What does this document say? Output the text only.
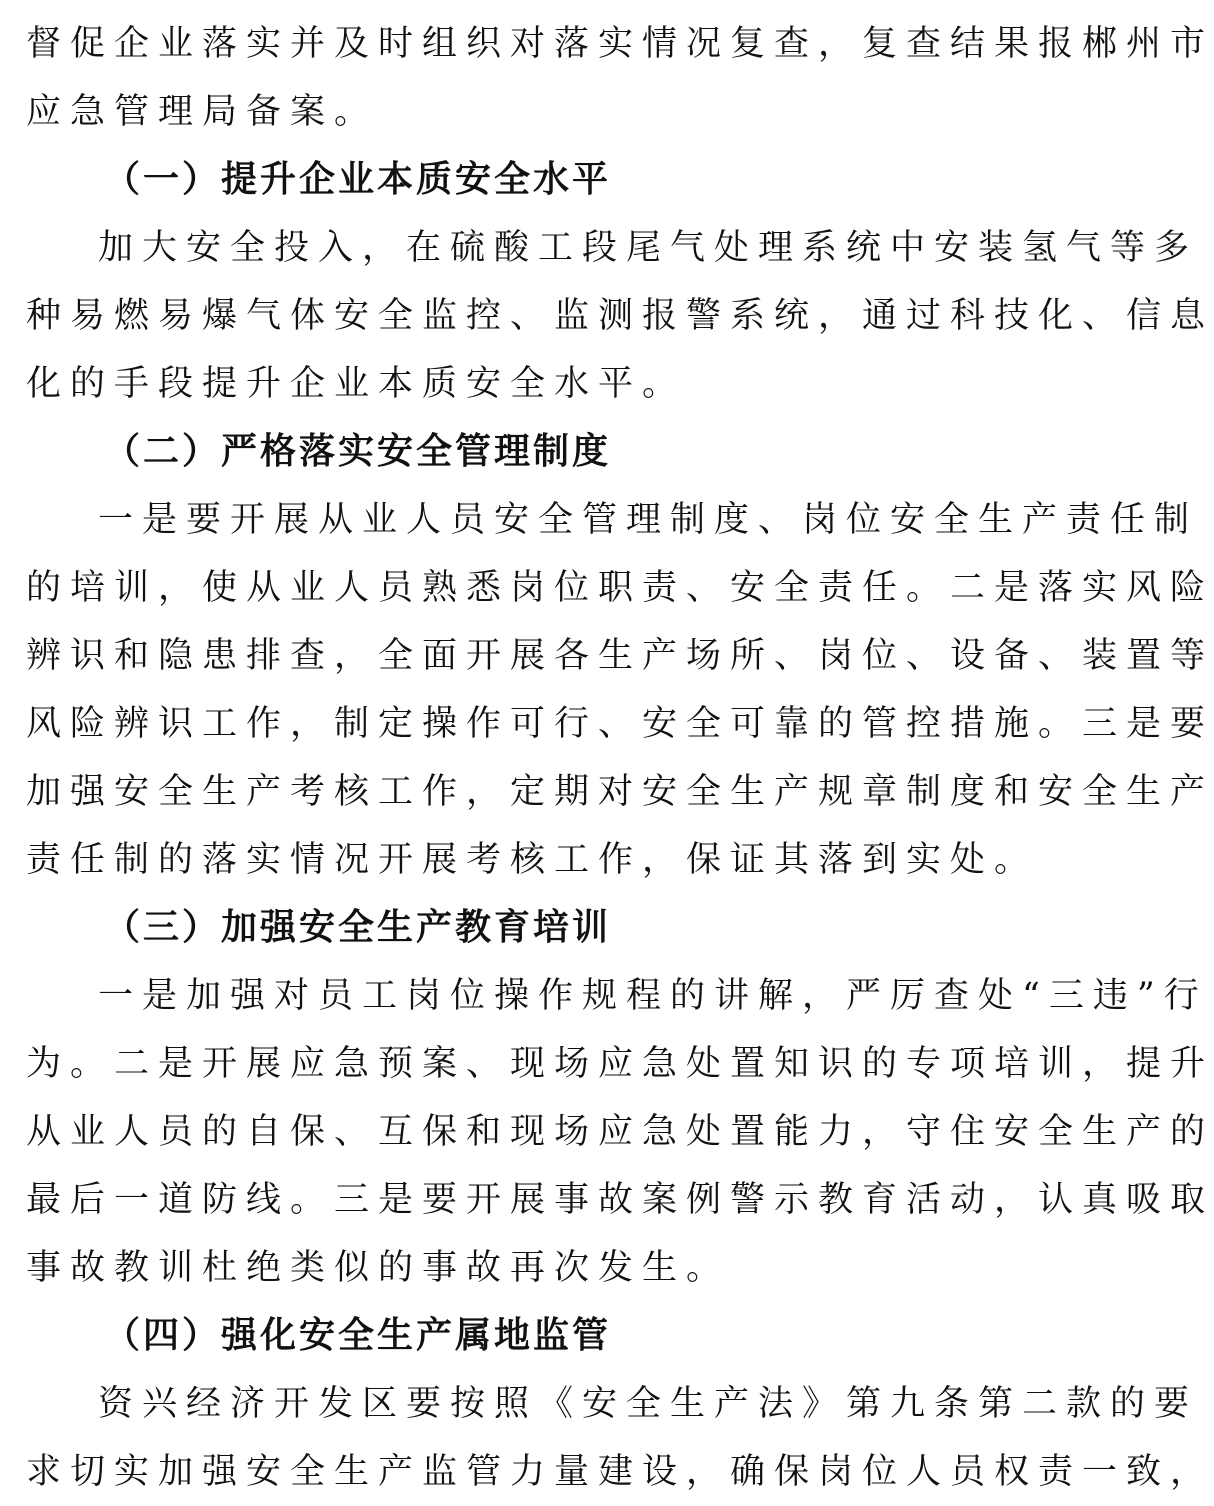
督促企业落实并及时组织对落实情况复查，复查结果报郴州市
应急管理局备案。
（一）提升企业本质安全水平
加大安全投入，在硫酸工段尾气处理系统中安装氢气等多
种易燃易爆气体安全监控、监测报警系统，通过科技化、信息
化的手段提升企业本质安全水平。
（二）严格落实安全管理制度
一是要开展从业人员安全管理制度、岗位安全生产责任制
的培训，使从业人员熟悉岗位职责、安全责任。二是落实风险
辨识和隐患排查，全面开展各生产场所、岗位、设备、装置等
风险辨识工作，制定操作可行、安全可靠的管控措施。三是要
加强安全生产考核工作，定期对安全生产规章制度和安全生产
责任制的落实情况开展考核工作，保证其落到实处。
（三）加强安全生产教育培训
一是加强对员工岗位操作规程的讲解，严厉查处“三违”行
为。二是开展应急预案、现场应急处置知识的专项培训，提升
从业人员的自保、互保和现场应急处置能力，守住安全生产的
最后一道防线。三是要开展事故案例警示教育活动，认真吸取
事故教训杜绝类似的事故再次发生。
（四）强化安全生产属地监管
资兴经济开发区要按照《安全生产法》第九条第二款的要
求切实加强安全生产监管力量建设，确保岗位人员权责一致，
